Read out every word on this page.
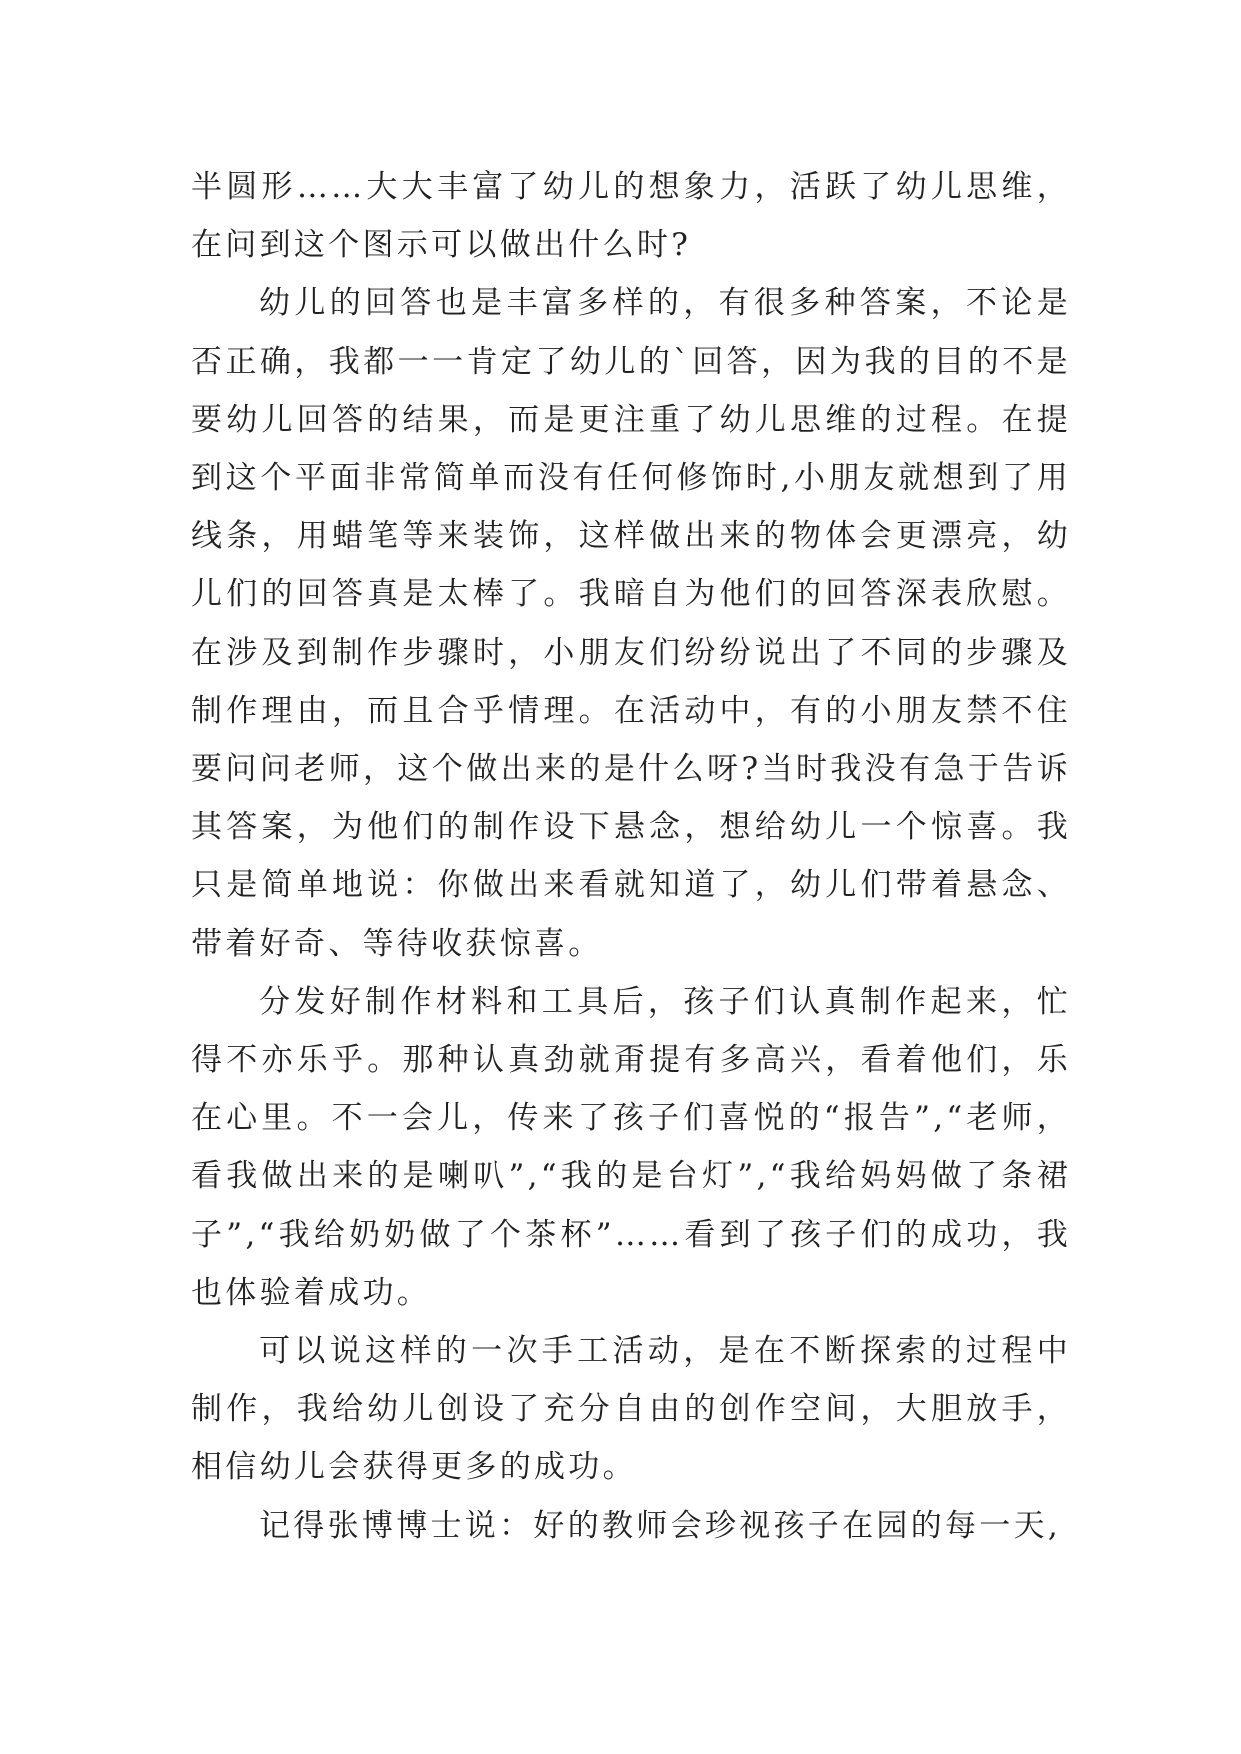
半圆形……大大丰富了幼儿的想象力，活跃了幼儿思维，在问到这个图示可以做出什么时?

幼儿的回答也是丰富多样的，有很多种答案，不论是否正确，我都一一肯定了幼儿的`回答，因为我的目的不是要幼儿回答的结果，而是更注重了幼儿思维的过程。在提到这个平面非常简单而没有任何修饰时,小朋友就想到了用线条，用蜡笔等来装饰，这样做出来的物体会更漂亮，幼儿们的回答真是太棒了。我暗自为他们的回答深表欣慰。在涉及到制作步骤时，小朋友们纷纷说出了不同的步骤及制作理由，而且合乎情理。在活动中，有的小朋友禁不住要问问老师，这个做出来的是什么呀?当时我没有急于告诉其答案，为他们的制作设下悬念，想给幼儿一个惊喜。我只是简单地说：你做出来看就知道了，幼儿们带着悬念、带着好奇、等待收获惊喜。

分发好制作材料和工具后，孩子们认真制作起来，忙得不亦乐乎。那种认真劲就甭提有多高兴，看着他们，乐在心里。不一会儿，传来了孩子们喜悦的“报告”,“老师，看我做出来的是喇叭”,“我的是台灯”,“我给妈妈做了条裙子”,“我给奶奶做了个茶杯”……看到了孩子们的成功，我也体验着成功。

可以说这样的一次手工活动，是在不断探索的过程中制作，我给幼儿创设了充分自由的创作空间，大胆放手，相信幼儿会获得更多的成功。

记得张博博士说：好的教师会珍视孩子在园的每一天,
